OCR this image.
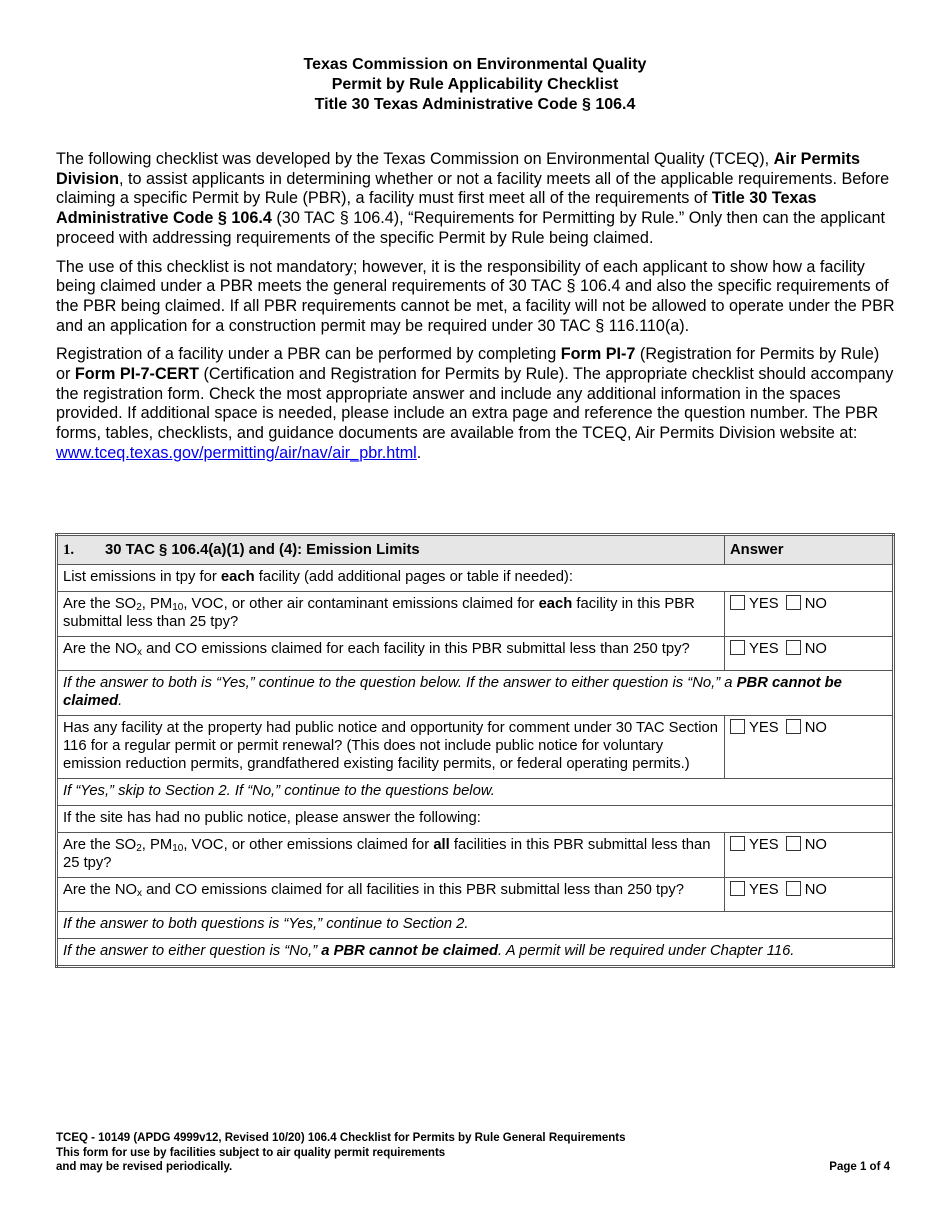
Texas Commission on Environmental Quality
Permit by Rule Applicability Checklist
Title 30 Texas Administrative Code § 106.4

The following checklist was developed by the Texas Commission on Environmental Quality (TCEQ), Air Permits Division, to assist applicants in determining whether or not a facility meets all of the applicable requirements. Before claiming a specific Permit by Rule (PBR), a facility must first meet all of the requirements of Title 30 Texas Administrative Code § 106.4 (30 TAC § 106.4), “Requirements for Permitting by Rule.” Only then can the applicant proceed with addressing requirements of the specific Permit by Rule being claimed.

The use of this checklist is not mandatory; however, it is the responsibility of each applicant to show how a facility being claimed under a PBR meets the general requirements of 30 TAC § 106.4 and also the specific requirements of the PBR being claimed. If all PBR requirements cannot be met, a facility will not be allowed to operate under the PBR and an application for a construction permit may be required under 30 TAC § 116.110(a).

Registration of a facility under a PBR can be performed by completing Form PI-7 (Registration for Permits by Rule) or Form PI-7-CERT (Certification and Registration for Permits by Rule). The appropriate checklist should accompany the registration form. Check the most appropriate answer and include any additional information in the spaces provided. If additional space is needed, please include an extra page and reference the question number. The PBR forms, tables, checklists, and guidance documents are available from the TCEQ, Air Permits Division website at: www.tceq.texas.gov/permitting/air/nav/air_pbr.html.

1. 30 TAC § 106.4(a)(1) and (4): Emission Limits	Answer
List emissions in tpy for each facility (add additional pages or table if needed):	
Are the $SO_2$, $PM_{10}$, VOC, or other air contaminant emissions claimed for each facility in this PBR submittal less than 25 tpy?	YES NO
Are the $NO_x$ and CO emissions claimed for each facility in this PBR submittal less than 250 tpy?	YES NO
If the answer to both is “Yes,” continue to the question below. If the answer to either question is “No,” a PBR cannot be claimed.	
Has any facility at the property had public notice and opportunity for comment under 30 TAC Section 116 for a regular permit or permit renewal? (This does not include public notice for voluntary emission reduction permits, grandfathered existing facility permits, or federal operating permits.)	YES NO
If “Yes,” skip to Section 2. If “No,” continue to the questions below.	
If the site has had no public notice, please answer the following:	
Are the $SO_2$, $PM_{10}$, VOC, or other emissions claimed for all facilities in this PBR submittal less than 25 tpy?	YES NO
Are the $NO_x$ and CO emissions claimed for all facilities in this PBR submittal less than 250 tpy?	YES NO
If the answer to both questions is “Yes,” continue to Section 2.	
If the answer to either question is “No,” a PBR cannot be claimed. A permit will be required under Chapter 116.	
TCEQ - 10149 (APDG 4999v12, Revised 10/20) 106.4 Checklist for Permits by Rule General Requirements
This form for use by facilities subject to air quality permit requirements
and may be revised periodically.	Page 1 of 4
